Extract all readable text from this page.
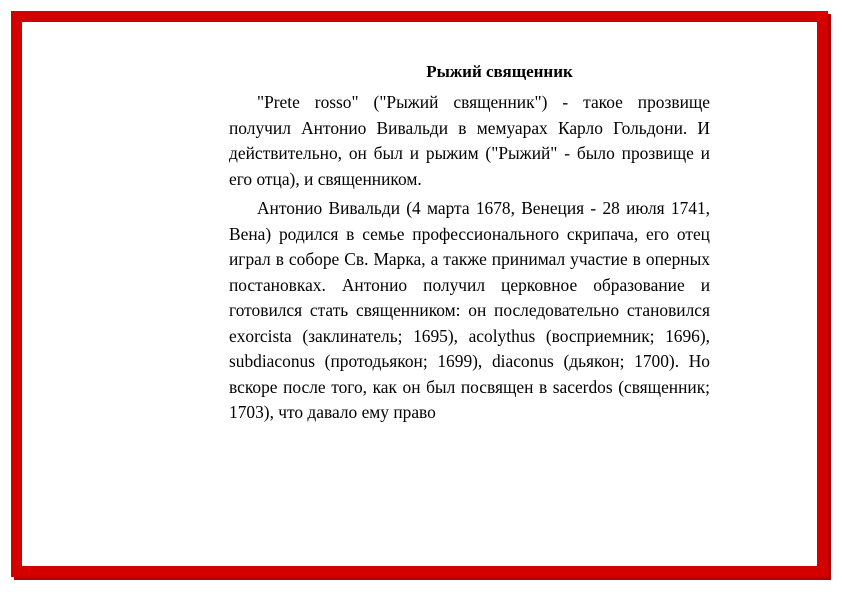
Рыжий священник

"Prete rosso" ("Рыжий священник") - такое прозвище получил Антонио Вивальди в мемуарах Карло Гольдони. И действительно, он был и рыжим ("Рыжий" - было прозвище и его отца), и священником.

Антонио Вивальди (4 марта 1678, Венеция - 28 июля 1741, Вена) родился в семье профессионального скрипача, его отец играл в соборе Св. Марка, а также принимал участие в оперных постановках. Антонио получил церковное образование и готовился стать священником: он последовательно становился exorcista (заклинатель; 1695), acolythus (восприемник; 1696), subdiaconus (протодьякон; 1699), diaconus (дьякон; 1700). Но вскоре после того, как он был посвящен в sacerdos (священник; 1703), что давало ему право
